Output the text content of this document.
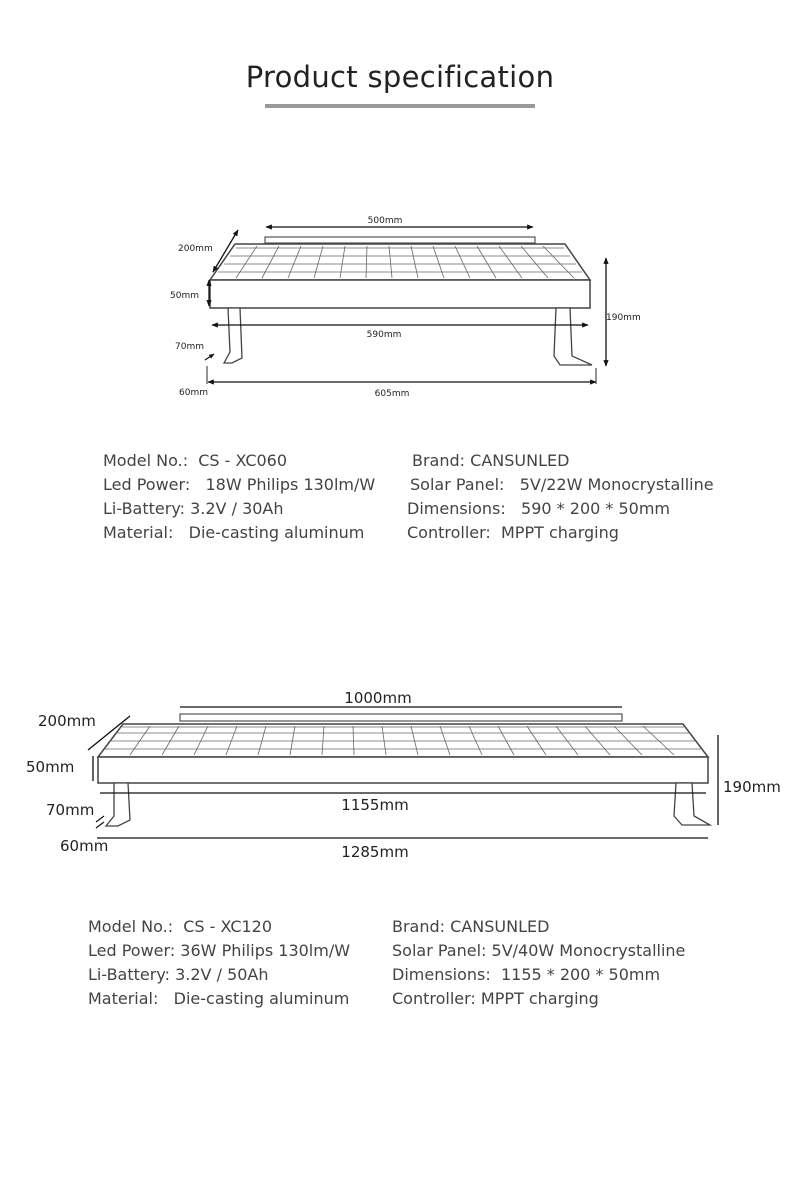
Product specification
500mm
200mm
50mm
190mm
590mm
70mm
60mm	605mm
Model No.: CS - XC060	Brand: CANSUNLED
Led Power: 18W Philips 130lm/W Solar Panel: 5V/22W Monocrystalline
Li-Battery: 3.2V / 30Ah	Dimensions: 590 * 200 * 50mm
Material: Die-casting aluminum	Controller: MPPT charging
1000mm
200mm
50mm
190mm
1155mm
70mm
60mm	1285mm
Model No.: CS - XC120	Brand: CANSUNLED
Led Power: 36W Philips 130lm/W	Solar Panel: 5V/40W Monocrystalline
Li-Battery: 3.2V / 50Ah	Dimensions: 1155 * 200 * 50mm
Material: Die-casting aluminum	Controller: MPPT charging
